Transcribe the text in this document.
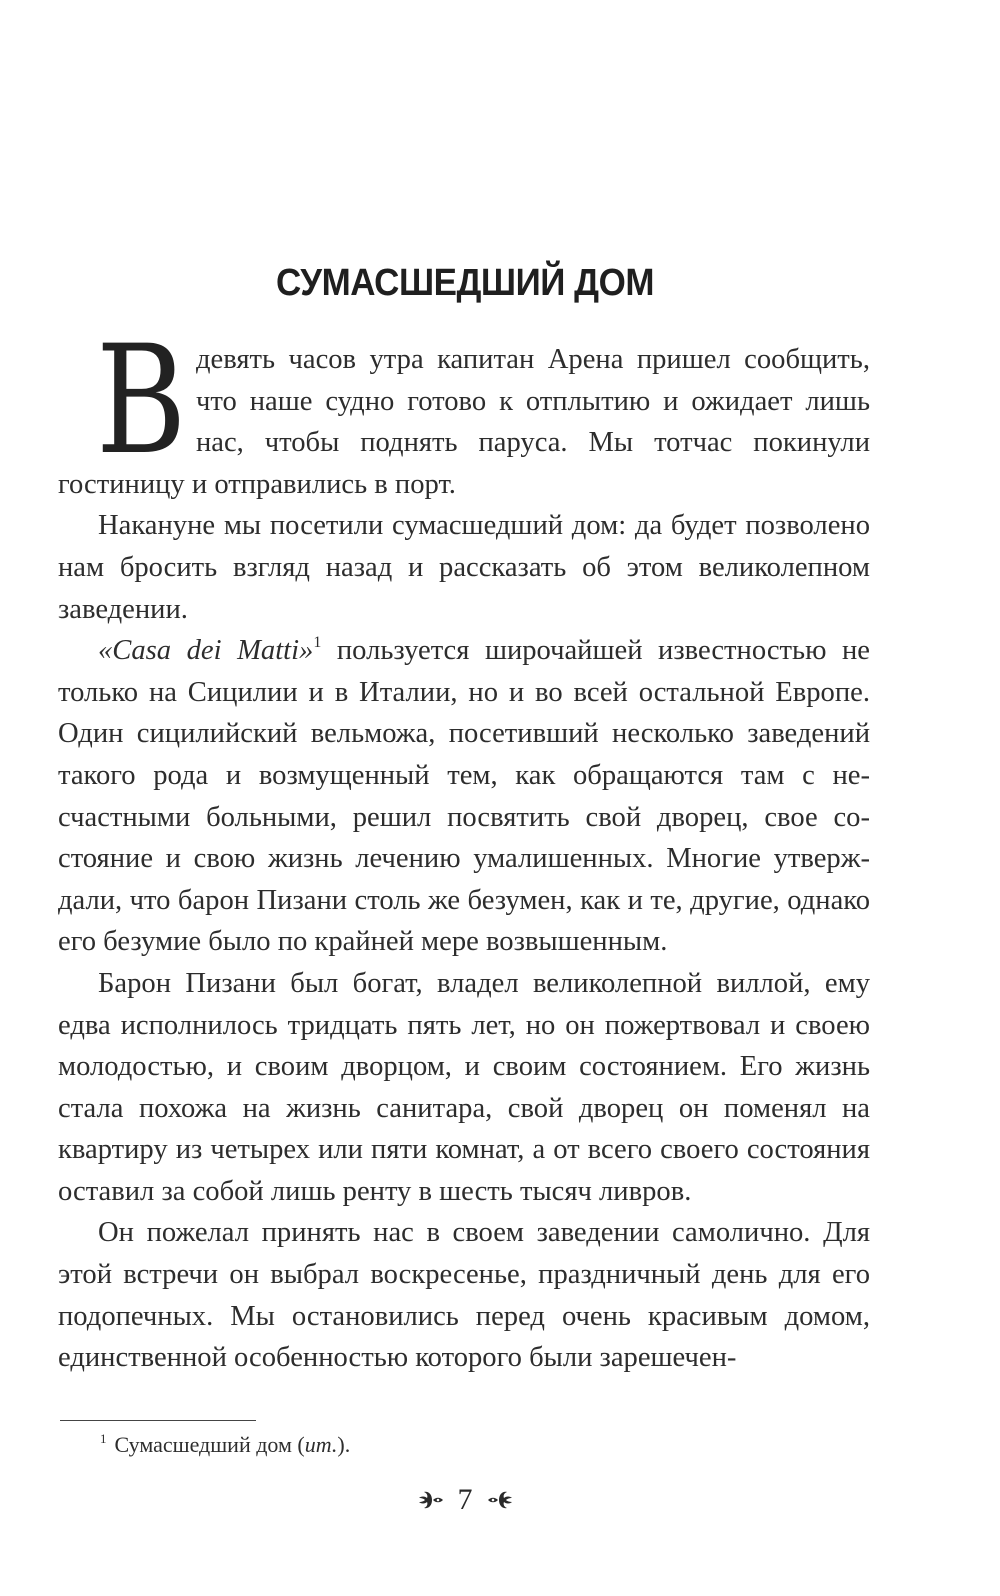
СУМАСШЕДШИЙ ДОМ

В девять часов утра капитан Арена пришел сообщить, что наше судно готово к отплытию и ожидает лишь нас, чтобы поднять паруса. Мы тотчас покинули гостиницу и отправились в порт.

Накануне мы посетили сумасшедший дом: да будет позволено нам бросить взгляд назад и рассказать об этом великолепном заведении.

«Casa dei Matti»$^1$ пользуется широчайшей известностью не только на Сицилии и в Италии, но и во всей остальной Европе. Один сицилийский вельможа, посетивший несколько заведений такого рода и возмущенный тем, как обращаются там с несчастными больными, решил посвятить свой дворец, свое состояние и свою жизнь лечению умалишенных. Многие утверждали, что барон Пизани столь же безумен, как и те, другие, однако его безумие было по крайней мере возвышенным.

Барон Пизани был богат, владел великолепной виллой, ему едва исполнилось тридцать пять лет, но он пожертвовал и своею молодостью, и своим дворцом, и своим состоянием. Его жизнь стала похожа на жизнь санитара, свой дворец он поменял на квартиру из четырех или пяти комнат, а от всего своего состояния оставил за собой лишь ренту в шесть тысяч ливров.

Он пожелал принять нас в своем заведении самолично. Для этой встречи он выбрал воскресенье, праздничный день для его подопечных. Мы остановились перед очень красивым домом, единственной особенностью которого были зарешечен-

$^1$ Сумасшедший дом (ит.).
7
